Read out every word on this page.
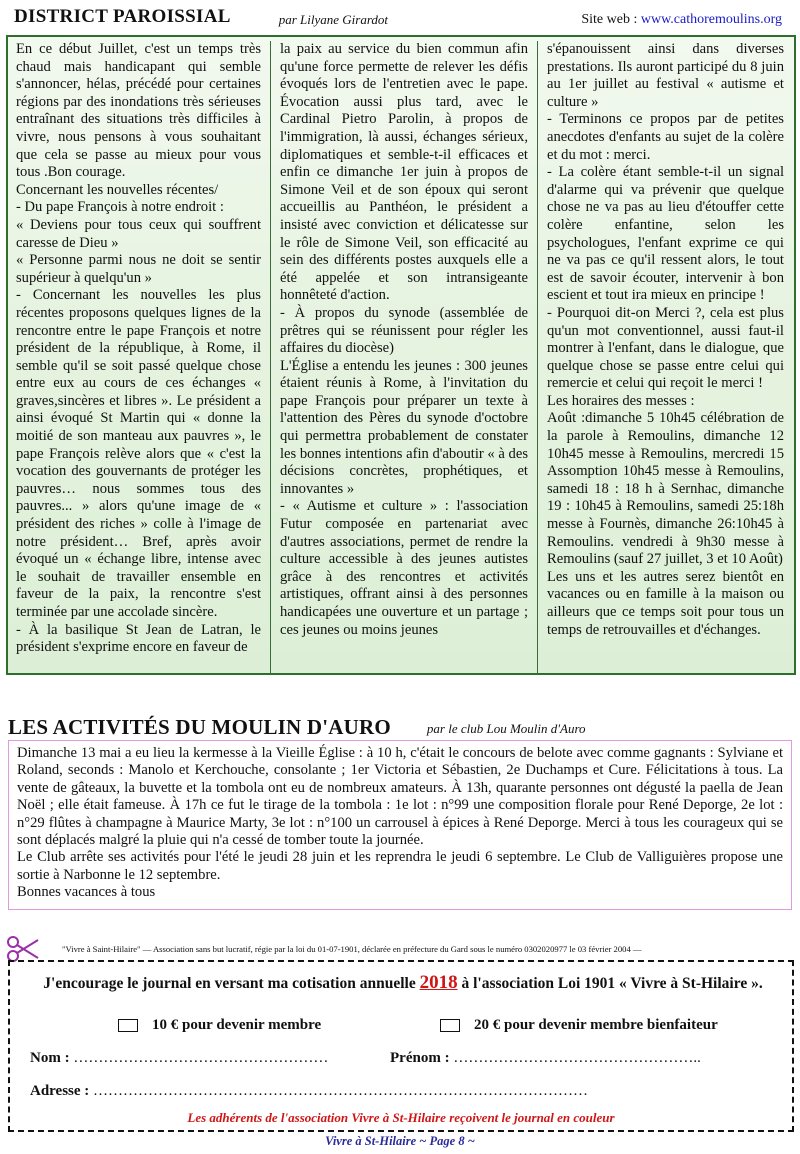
DISTRICT PAROISSIAL	par Lilyane Girardot	Site web : www.cathoremoulins.org

En ce début Juillet, c'est un temps très chaud mais handicapant qui semble s'annoncer, hélas, précédé pour certaines régions par des inondations très sérieuses entraînant des situations très difficiles à vivre, nous pensons à vous souhaitant que cela se passe au mieux pour vous tous .Bon courage.

Concernant les nouvelles récentes/

- Du pape François à notre endroit :

« Deviens pour tous ceux qui souffrent caresse de Dieu »

« Personne parmi nous ne doit se sentir supérieur à quelqu'un »

- Concernant les nouvelles les plus récentes proposons quelques lignes de la rencontre entre le pape François et notre président de la république, à Rome, il semble qu'il se soit passé quelque chose entre eux au cours de ces échanges « graves,sincères et libres ». Le président a ainsi évoqué St Martin qui « donne la moitié de son manteau aux pauvres », le pape François relève alors que « c'est la vocation des gouvernants de protéger les pauvres… nous sommes tous des pauvres... » alors qu'une image de « président des riches » colle à l'image de notre président… Bref, après avoir évoqué un « échange libre, intense avec le souhait de travailler ensemble en faveur de la paix, la rencontre s'est terminée par une accolade sincère.

- À la basilique St Jean de Latran, le président s'exprime encore en faveur de

la paix au service du bien commun afin qu'une force permette de relever les défis évoqués lors de l'entretien avec le pape. Évocation aussi plus tard, avec le Cardinal Pietro Parolin, à propos de l'immigration, là aussi, échanges sérieux, diplomatiques et semble-t-il efficaces et enfin ce dimanche 1er juin à propos de Simone Veil et de son époux qui seront accueillis au Panthéon, le président a insisté avec conviction et délicatesse sur le rôle de Simone Veil, son efficacité au sein des différents postes auxquels elle a été appelée et son intransigeante honnêteté d'action.

- À propos du synode (assemblée de prêtres qui se réunissent pour régler les affaires du diocèse)

L'Église a entendu les jeunes : 300 jeunes étaient réunis à Rome, à l'invitation du pape François pour préparer un texte à l'attention des Pères du synode d'octobre qui permettra probablement de constater les bonnes intentions afin d'aboutir « à des décisions concrètes, prophétiques, et innovantes »

- « Autisme et culture » : l'association Futur composée en partenariat avec d'autres associations, permet de rendre la culture accessible à des jeunes autistes grâce à des rencontres et activités artistiques, offrant ainsi à des personnes handicapées une ouverture et un partage ; ces jeunes ou moins jeunes

s'épanouissent ainsi dans diverses prestations. Ils auront participé du 8 juin au 1er juillet au festival « autisme et culture »

- Terminons ce propos par de petites anecdotes d'enfants au sujet de la colère et du mot : merci.

- La colère étant semble-t-il un signal d'alarme qui va prévenir que quelque chose ne va pas au lieu d'étouffer cette colère enfantine, selon les psychologues, l'enfant exprime ce qui ne va pas ce qu'il ressent alors, le tout est de savoir écouter, intervenir à bon escient et tout ira mieux en principe !

- Pourquoi dit-on Merci ?, cela est plus qu'un mot conventionnel, aussi faut-il montrer à l'enfant, dans le dialogue, que quelque chose se passe entre celui qui remercie et celui qui reçoit le merci !

Les horaires des messes :

Août :dimanche 5 10h45 célébration de la parole à Remoulins, dimanche 12 10h45 messe à Remoulins, mercredi 15 Assomption 10h45 messe à Remoulins, samedi 18 : 18 h à Sernhac, dimanche 19 : 10h45 à Remoulins, samedi 25:18h messe à Fournès, dimanche 26:10h45 à Remoulins. vendredi à 9h30 messe à Remoulins (sauf 27 juillet, 3 et 10 Août)

Les uns et les autres serez bientôt en vacances ou en famille à la maison ou ailleurs que ce temps soit pour tous un temps de retrouvailles et d'échanges.

LES ACTIVITÉS DU MOULIN D'AURO	par le club Lou Moulin d'Auro

Dimanche 13 mai a eu lieu la kermesse à la Vieille Église : à 10 h, c'était le concours de belote avec comme gagnants : Sylviane et Roland, seconds : Manolo et Kerchouche, consolante ; 1er Victoria et Sébastien, 2e Duchamps et Cure. Félicitations à tous. La vente de gâteaux, la buvette et la tombola ont eu de nombreux amateurs. À 13h, quarante personnes ont dégusté la paella de Jean Noël ; elle était fameuse. À 17h ce fut le tirage de la tombola : 1e lot : n°99 une composition florale pour René Deporge, 2e lot : n°29 flûtes à champagne à Maurice Marty, 3e lot : n°100 un carrousel à épices à René Deporge. Merci à tous les courageux qui se sont déplacés malgré la pluie qui n'a cessé de tomber toute la journée.

Le Club arrête ses activités pour l'été le jeudi 28 juin et les reprendra le jeudi 6 septembre. Le Club de Valliguières propose une sortie à Narbonne le 12 septembre.

Bonnes vacances à tous

"Vivre à Saint-Hilaire" — Association sans but lucratif, régie par la loi du 01-07-1901, déclarée en préfecture du Gard sous le numéro 0302020977 le 03 février 2004 —
J'encourage le journal en versant ma cotisation annuelle 2018 à l'association Loi 1901 « Vivre à St-Hilaire ».
10 € pour devenir membre	20 € pour devenir membre bienfaiteur
Nom : ……………………………………………	Prénom : …………………………………………..
Adresse : ………………………………………………………………………………………
Les adhérents de l'association Vivre à St-Hilaire reçoivent le journal en couleur
Vivre à St-Hilaire ~ Page 8 ~
